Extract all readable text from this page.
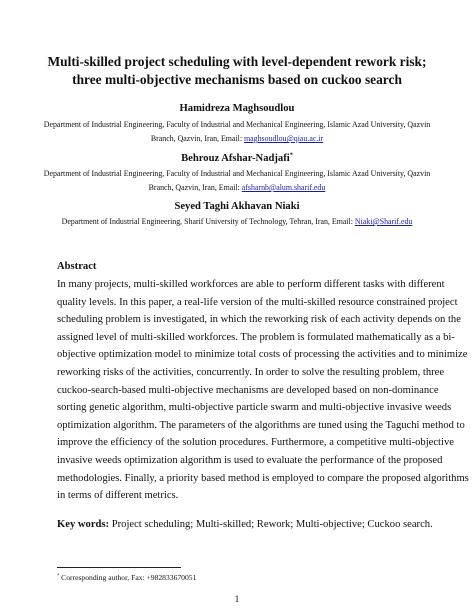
Multi-skilled project scheduling with level-dependent rework risk;
three multi-objective mechanisms based on cuckoo search
Hamidreza Maghsoudlou
Department of Industrial Engineering, Faculty of Industrial and Mechanical Engineering, Islamic Azad University, Qazvin
Branch, Qazvin, Iran, Email: maghsoudlou@qiau.ac.ir
Behrouz Afshar-Nadjafi*
Department of Industrial Engineering, Faculty of Industrial and Mechanical Engineering, Islamic Azad University, Qazvin
Branch, Qazvin, Iran, Email: afsharnb@alum.sharif.edu
Seyed Taghi Akhavan Niaki
Department of Industrial Engineering, Sharif University of Technology, Tehran, Iran, Email: Niaki@Sharif.edu
Abstract
In many projects, multi-skilled workforces are able to perform different tasks with different
quality levels. In this paper, a real-life version of the multi-skilled resource constrained project
scheduling problem is investigated, in which the reworking risk of each activity depends on the
assigned level of multi-skilled workforces. The problem is formulated mathematically as a bi-
objective optimization model to minimize total costs of processing the activities and to minimize
reworking risks of the activities, concurrently. In order to solve the resulting problem, three
cuckoo-search-based multi-objective mechanisms are developed based on non-dominance
sorting genetic algorithm, multi-objective particle swarm and multi-objective invasive weeds
optimization algorithm. The parameters of the algorithms are tuned using the Taguchi method to
improve the efficiency of the solution procedures. Furthermore, a competitive multi-objective
invasive weeds optimization algorithm is used to evaluate the performance of the proposed
methodologies. Finally, a priority based method is employed to compare the proposed algorithms
in terms of different metrics.
Key words: Project scheduling; Multi-skilled; Rework; Multi-objective; Cuckoo search.
* Corresponding author, Fax: +982833670051
1
